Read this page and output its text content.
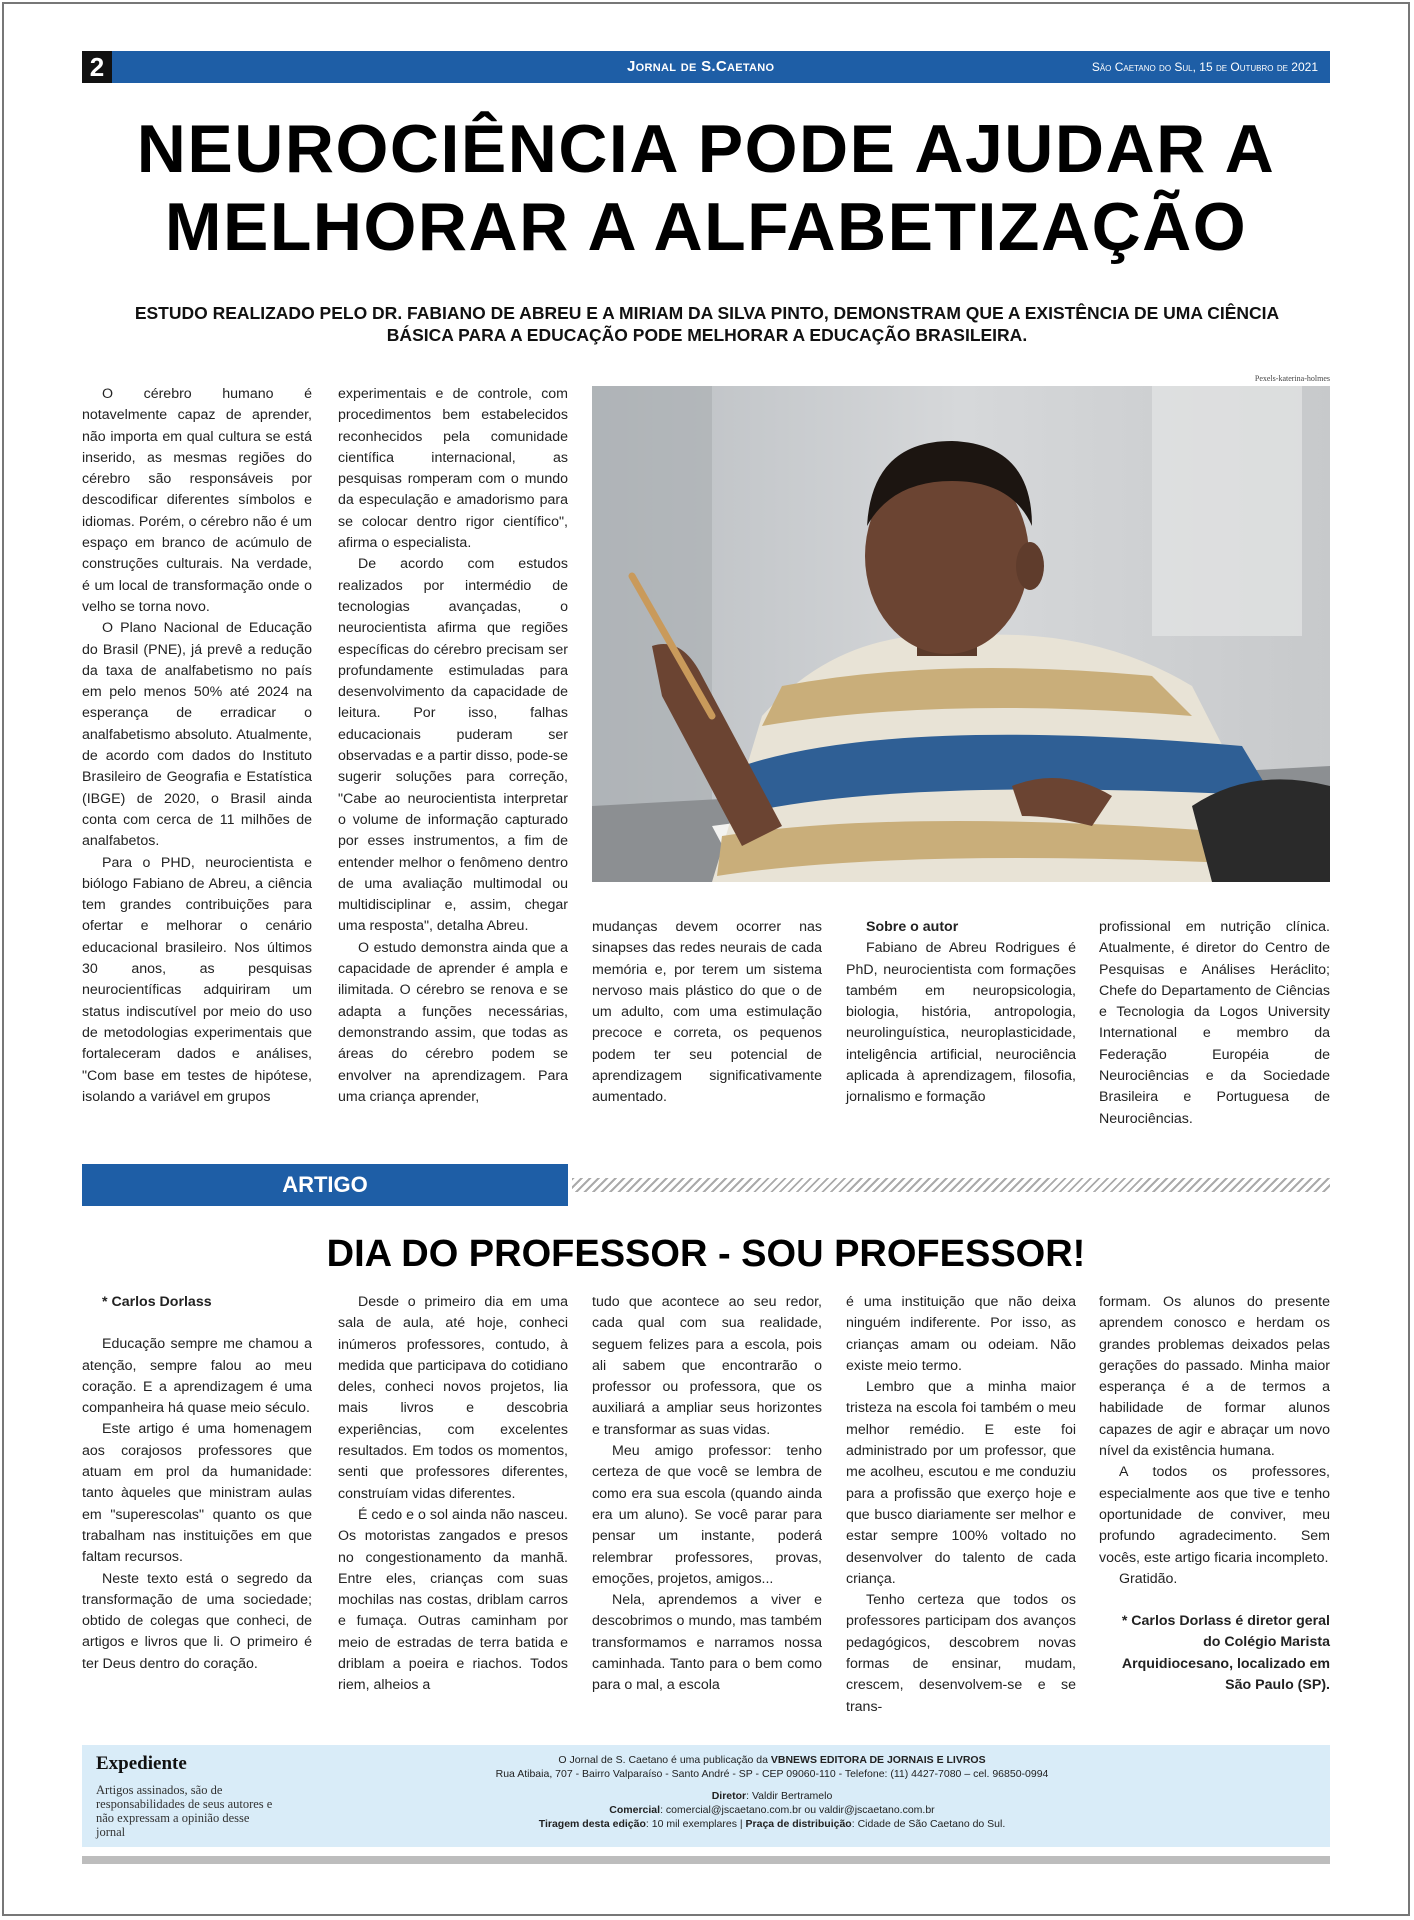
2	Jornal de S.Caetano	São Caetano do Sul, 15 de Outubro de 2021
NEUROCIÊNCIA PODE AJUDAR A MELHORAR A ALFABETIZAÇÃO
ESTUDO REALIZADO PELO DR. FABIANO DE ABREU E A MIRIAM DA SILVA PINTO, DEMONSTRAM QUE A EXISTÊNCIA DE UMA CIÊNCIA BÁSICA PARA A EDUCAÇÃO PODE MELHORAR A EDUCAÇÃO BRASILEIRA.

O cérebro humano é notavelmente capaz de aprender, não importa em qual cultura se está inserido, as mesmas regiões do cérebro são responsáveis por descodificar diferentes símbolos e idiomas. Porém, o cérebro não é um espaço em branco de acúmulo de construções culturais. Na verdade, é um local de transformação onde o velho se torna novo.

O Plano Nacional de Educação do Brasil (PNE), já prevê a redução da taxa de analfabetismo no país em pelo menos 50% até 2024 na esperança de erradicar o analfabetismo absoluto. Atualmente, de acordo com dados do Instituto Brasileiro de Geografia e Estatística (IBGE) de 2020, o Brasil ainda conta com cerca de 11 milhões de analfabetos.

Para o PHD, neurocientista e biólogo Fabiano de Abreu, a ciência tem grandes contribuições para ofertar e melhorar o cenário educacional brasileiro. Nos últimos 30 anos, as pesquisas neurocientíficas adquiriram um status indiscutível por meio do uso de metodologias experimentais que fortaleceram dados e análises, "Com base em testes de hipótese, isolando a variável em grupos

experimentais e de controle, com procedimentos bem estabelecidos reconhecidos pela comunidade científica internacional, as pesquisas romperam com o mundo da especulação e amadorismo para se colocar dentro rigor científico", afirma o especialista.

De acordo com estudos realizados por intermédio de tecnologias avançadas, o neurocientista afirma que regiões específicas do cérebro precisam ser profundamente estimuladas para desenvolvimento da capacidade de leitura. Por isso, falhas educacionais puderam ser observadas e a partir disso, pode-se sugerir soluções para correção, "Cabe ao neurocientista interpretar o volume de informação capturado por esses instrumentos, a fim de entender melhor o fenômeno dentro de uma avaliação multimodal ou multidisciplinar e, assim, chegar uma resposta", detalha Abreu.

O estudo demonstra ainda que a capacidade de aprender é ampla e ilimitada. O cérebro se renova e se adapta a funções necessárias, demonstrando assim, que todas as áreas do cérebro podem se envolver na aprendizagem. Para uma criança aprender,

Pexels-katerina-holmes

mudanças devem ocorrer nas sinapses das redes neurais de cada memória e, por terem um sistema nervoso mais plástico do que o de um adulto, com uma estimulação precoce e correta, os pequenos podem ter seu potencial de aprendizagem significativamente aumentado.

Sobre o autor

Fabiano de Abreu Rodrigues é PhD, neurocientista com formações também em neuropsicologia, biologia, história, antropologia, neurolinguística, neuroplasticidade, inteligência artificial, neurociência aplicada à aprendizagem, filosofia, jornalismo e formação

profissional em nutrição clínica. Atualmente, é diretor do Centro de Pesquisas e Análises Heráclito; Chefe do Departamento de Ciências e Tecnologia da Logos University International e membro da Federação Européia de Neurociências e da Sociedade Brasileira e Portuguesa de Neurociências.

ARTIGO
DIA DO PROFESSOR - SOU PROFESSOR!

* Carlos Dorlass

Educação sempre me chamou a atenção, sempre falou ao meu coração. E a aprendizagem é uma companheira há quase meio século.

Este artigo é uma homenagem aos corajosos professores que atuam em prol da humanidade: tanto àqueles que ministram aulas em "superescolas" quanto os que trabalham nas instituições em que faltam recursos.

Neste texto está o segredo da transformação de uma sociedade; obtido de colegas que conheci, de artigos e livros que li. O primeiro é ter Deus dentro do coração.

Desde o primeiro dia em uma sala de aula, até hoje, conheci inúmeros professores, contudo, à medida que participava do cotidiano deles, conheci novos projetos, lia mais livros e descobria experiências, com excelentes resultados. Em todos os momentos, senti que professores diferentes, construíam vidas diferentes.

É cedo e o sol ainda não nasceu. Os motoristas zangados e presos no congestionamento da manhã. Entre eles, crianças com suas mochilas nas costas, driblam carros e fumaça. Outras caminham por meio de estradas de terra batida e driblam a poeira e riachos. Todos riem, alheios a

tudo que acontece ao seu redor, cada qual com sua realidade, seguem felizes para a escola, pois ali sabem que encontrarão o professor ou professora, que os auxiliará a ampliar seus horizontes e transformar as suas vidas.

Meu amigo professor: tenho certeza de que você se lembra de como era sua escola (quando ainda era um aluno). Se você parar para pensar um instante, poderá relembrar professores, provas, emoções, projetos, amigos...

Nela, aprendemos a viver e descobrimos o mundo, mas também transformamos e narramos nossa caminhada. Tanto para o bem como para o mal, a escola

é uma instituição que não deixa ninguém indiferente. Por isso, as crianças amam ou odeiam. Não existe meio termo.

Lembro que a minha maior tristeza na escola foi também o meu melhor remédio. E este foi administrado por um professor, que me acolheu, escutou e me conduziu para a profissão que exerço hoje e que busco diariamente ser melhor e estar sempre 100% voltado no desenvolver do talento de cada criança.

Tenho certeza que todos os professores participam dos avanços pedagógicos, descobrem novas formas de ensinar, mudam, crescem, desenvolvem-se e se trans-

formam. Os alunos do presente aprendem conosco e herdam os grandes problemas deixados pelas gerações do passado. Minha maior esperança é a de termos a habilidade de formar alunos capazes de agir e abraçar um novo nível da existência humana.

A todos os professores, especialmente aos que tive e tenho oportunidade de conviver, meu profundo agradecimento. Sem vocês, este artigo ficaria incompleto.

Gratidão.

* Carlos Dorlass é diretor geral do Colégio Marista Arquidiocesano, localizado em São Paulo (SP).

Expediente
Artigos assinados, são de responsabilidades de seus autores e não expressam a opinião desse jornal

O Jornal de S. Caetano é uma publicação da VBNEWS EDITORA DE JORNAIS E LIVROS

Rua Atibaia, 707 - Bairro Valparaíso - Santo André - SP - CEP 09060-110 - Telefone: (11) 4427-7080 – cel. 96850-0994

Diretor: Valdir Bertramelo

Comercial: comercial@jscaetano.com.br ou valdir@jscaetano.com.br

Tiragem desta edição: 10 mil exemplares | Praça de distribuição: Cidade de São Caetano do Sul.
